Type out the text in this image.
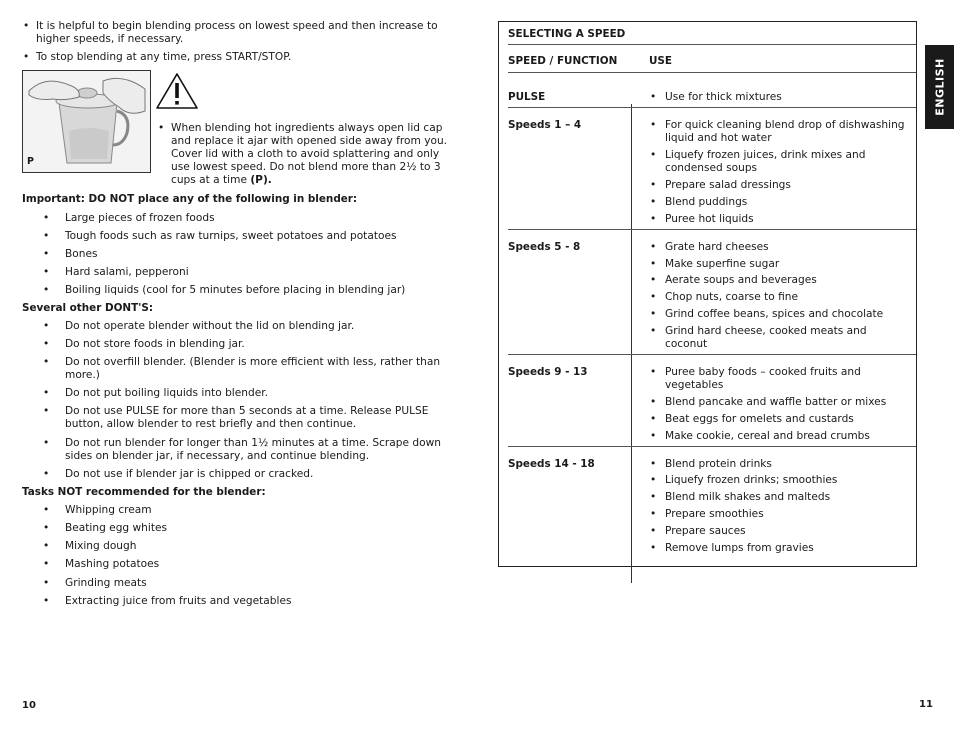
• It is helpful to begin blending process on lowest speed and then increase to higher speeds, if necessary.
• To stop blending at any time, press START/STOP.
P
• When blending hot ingredients always open lid cap and replace it ajar with opened side away from you. Cover lid with a cloth to avoid splattering and only use lowest speed. Do not blend more than 2½ to 3 cups at a time (P).
Important: DO NOT place any of the following in blender:
• Large pieces of frozen foods
• Tough foods such as raw turnips, sweet potatoes and potatoes
• Bones
• Hard salami, pepperoni
• Boiling liquids (cool for 5 minutes before placing in blending jar)
Several other DONT'S:
• Do not operate blender without the lid on blending jar.
• Do not store foods in blending jar.
• Do not overfill blender. (Blender is more efficient with less, rather than more.)
• Do not put boiling liquids into blender.
• Do not use PULSE for more than 5 seconds at a time. Release PULSE button, allow blender to rest briefly and then continue.
• Do not run blender for longer than 1½ minutes at a time. Scrape down sides on blender jar, if necessary, and continue blending.
• Do not use if blender jar is chipped or cracked.
Tasks NOT recommended for the blender:
• Whipping cream
• Beating egg whites
• Mixing dough
• Mashing potatoes
• Grinding meats
• Extracting juice from fruits and vegetables
10
SELECTING A SPEED
SPEED / FUNCTION	USE
PULSE	• Use for thick mixtures
Speeds 1 – 4	• For quick cleaning blend drop of dishwashing liquid and hot water
• Liquefy frozen juices, drink mixes and condensed soups
• Prepare salad dressings
• Blend puddings
• Puree hot liquids
Speeds 5 - 8	• Grate hard cheeses
• Make superfine sugar
• Aerate soups and beverages
• Chop nuts, coarse to fine
• Grind coffee beans, spices and chocolate
• Grind hard cheese, cooked meats and coconut
Speeds 9 - 13	• Puree baby foods – cooked fruits and vegetables
• Blend pancake and waffle batter or mixes
• Beat eggs for omelets and custards
• Make cookie, cereal and bread crumbs
Speeds 14 - 18	• Blend protein drinks
• Liquefy frozen drinks; smoothies
• Blend milk shakes and malteds
• Prepare smoothies
• Prepare sauces
• Remove lumps from gravies
ENGLISH
11
